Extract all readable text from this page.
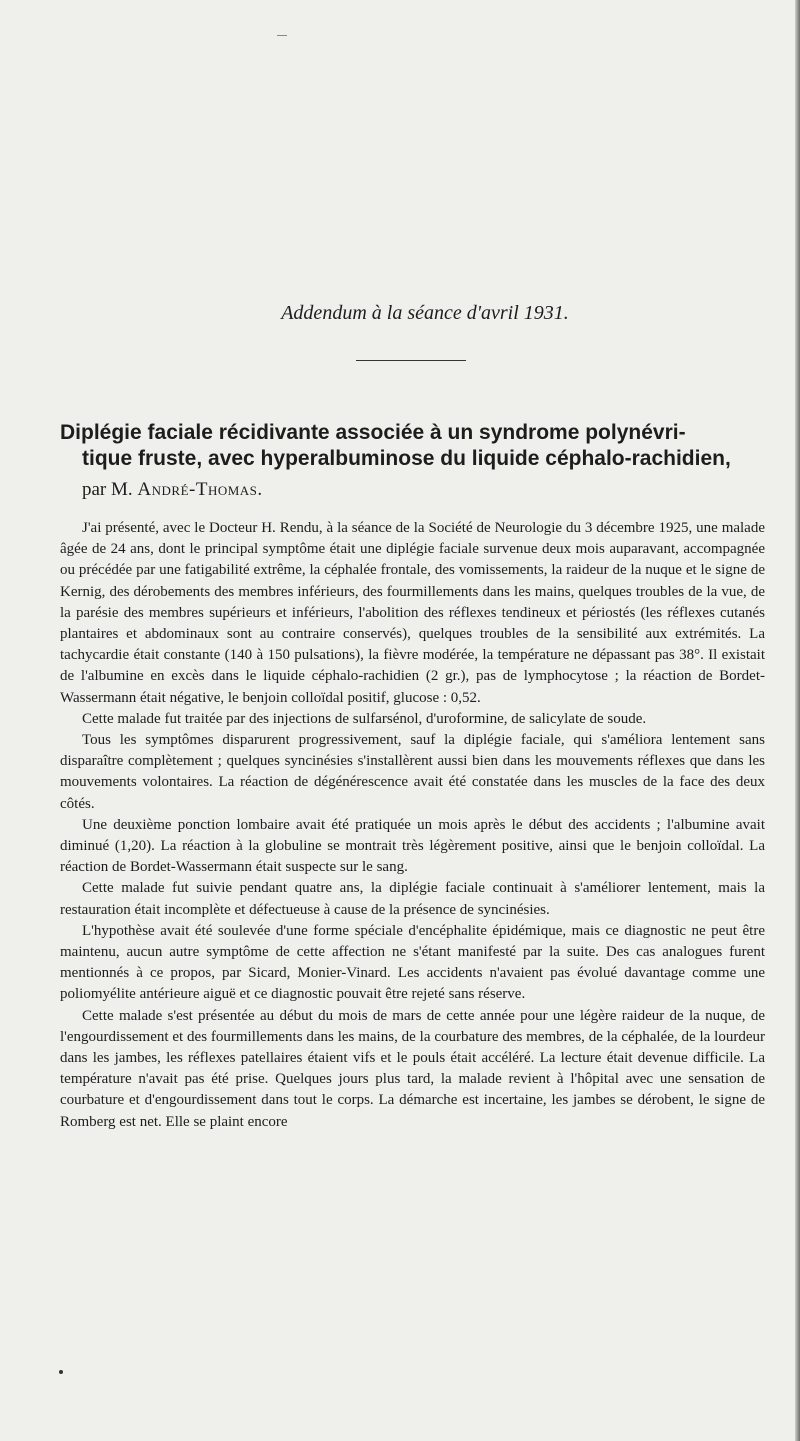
Addendum à la séance d'avril 1931.
Diplégie faciale récidivante associée à un syndrome polynévri-
tique fruste, avec hyperalbuminose du liquide céphalo-rachidien,
par M. André-Thomas.

J'ai présenté, avec le Docteur H. Rendu, à la séance de la Société de Neurologie du 3 décembre 1925, une malade âgée de 24 ans, dont le principal symptôme était une diplégie faciale survenue deux mois auparavant, accompagnée ou précédée par une fatigabilité extrême, la céphalée frontale, des vomissements, la raideur de la nuque et le signe de Kernig, des dérobements des membres inférieurs, des fourmillements dans les mains, quelques troubles de la vue, de la parésie des membres supérieurs et inférieurs, l'abolition des réflexes tendineux et périostés (les réflexes cutanés plantaires et abdominaux sont au contraire conservés), quelques troubles de la sensibilité aux extrémités. La tachycardie était constante (140 à 150 pulsations), la fièvre modérée, la température ne dépassant pas 38°. Il existait de l'albumine en excès dans le liquide céphalo-rachidien (2 gr.), pas de lymphocytose ; la réaction de Bordet-Wassermann était négative, le benjoin colloïdal positif, glucose : 0,52.

Cette malade fut traitée par des injections de sulfarsénol, d'uroformine, de salicylate de soude.

Tous les symptômes disparurent progressivement, sauf la diplégie faciale, qui s'améliora lentement sans disparaître complètement ; quelques syncinésies s'installèrent aussi bien dans les mouvements réflexes que dans les mouvements volontaires. La réaction de dégénérescence avait été constatée dans les muscles de la face des deux côtés.

Une deuxième ponction lombaire avait été pratiquée un mois après le début des accidents ; l'albumine avait diminué (1,20). La réaction à la globuline se montrait très légèrement positive, ainsi que le benjoin colloïdal. La réaction de Bordet-Wassermann était suspecte sur le sang.

Cette malade fut suivie pendant quatre ans, la diplégie faciale continuait à s'améliorer lentement, mais la restauration était incomplète et défectueuse à cause de la présence de syncinésies.

L'hypothèse avait été soulevée d'une forme spéciale d'encéphalite épidémique, mais ce diagnostic ne peut être maintenu, aucun autre symptôme de cette affection ne s'étant manifesté par la suite. Des cas analogues furent mentionnés à ce propos, par Sicard, Monier-Vinard. Les accidents n'avaient pas évolué davantage comme une poliomyélite antérieure aiguë et ce diagnostic pouvait être rejeté sans réserve.

Cette malade s'est présentée au début du mois de mars de cette année pour une légère raideur de la nuque, de l'engourdissement et des fourmillements dans les mains, de la courbature des membres, de la céphalée, de la lourdeur dans les jambes, les réflexes patellaires étaient vifs et le pouls était accéléré. La lecture était devenue difficile. La température n'avait pas été prise. Quelques jours plus tard, la malade revient à l'hôpital avec une sensation de courbature et d'engourdissement dans tout le corps. La démarche est incertaine, les jambes se dérobent, le signe de Romberg est net. Elle se plaint encore
